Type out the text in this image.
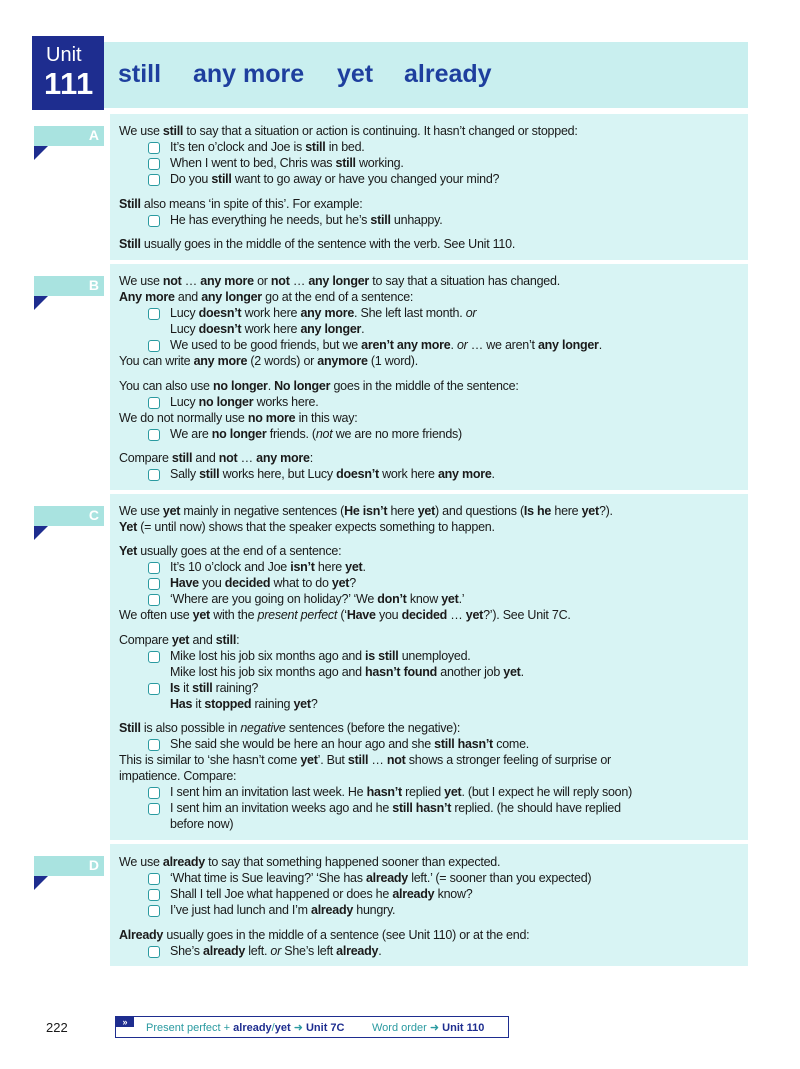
Unit
111 still any more yet already
A
B
C
D
We use still to say that a situation or action is continuing. It hasn’t changed or stopped:
It’s ten o’clock and Joe is still in bed.
When I went to bed, Chris was still working.
Do you still want to go away or have you changed your mind?
Still also means ‘in spite of this’. For example:
He has everything he needs, but he’s still unhappy.
Still usually goes in the middle of the sentence with the verb. See Unit 110.
We use not … any more or not … any longer to say that a situation has changed.
Any more and any longer go at the end of a sentence:
Lucy doesn’t work here any more. She left last month. or
Lucy doesn’t work here any longer.
We used to be good friends, but we aren’t any more. or … we aren’t any longer.
You can write any more (2 words) or anymore (1 word).
You can also use no longer. No longer goes in the middle of the sentence:
Lucy no longer works here.
We do not normally use no more in this way:
We are no longer friends. (not we are no more friends)
Compare still and not … any more:
Sally still works here, but Lucy doesn’t work here any more.
We use yet mainly in negative sentences (He isn’t here yet) and questions (Is he here yet?).
Yet (= until now) shows that the speaker expects something to happen.
Yet usually goes at the end of a sentence:
It’s 10 o’clock and Joe isn’t here yet.
Have you decided what to do yet?
‘Where are you going on holiday?’ ‘We don’t know yet.’
We often use yet with the present perfect (‘Have you decided … yet?’). See Unit 7C.
Compare yet and still:
Mike lost his job six months ago and is still unemployed.
Mike lost his job six months ago and hasn’t found another job yet.
Is it still raining?
Has it stopped raining yet?
Still is also possible in negative sentences (before the negative):
She said she would be here an hour ago and she still hasn’t come.
This is similar to ‘she hasn’t come yet’. But still … not shows a stronger feeling of surprise or
impatience. Compare:
I sent him an invitation last week. He hasn’t replied yet. (but I expect he will reply soon)
I sent him an invitation weeks ago and he still hasn’t replied. (he should have replied
before now)
We use already to say that something happened sooner than expected.
‘What time is Sue leaving?’ ‘She has already left.’ (= sooner than you expected)
Shall I tell Joe what happened or does he already know?
I’ve just had lunch and I’m already hungry.
Already usually goes in the middle of a sentence (see Unit 110) or at the end:
She’s already left. or She’s left already.
222	»	Present perfect + already/yet ➜ Unit 7C	Word order ➜ Unit 110
